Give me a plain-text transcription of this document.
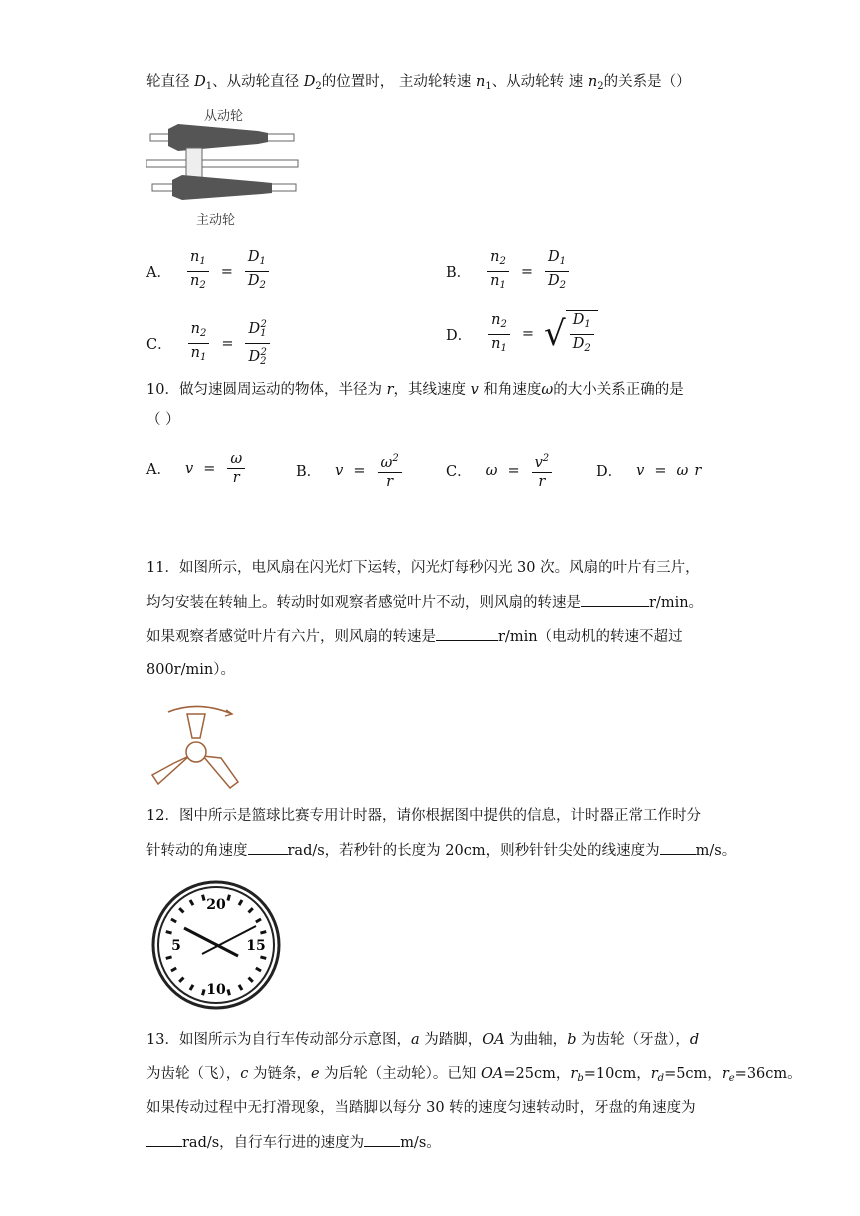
轮直径 $D_1$、从动轮直径 $D_2$的位置时， 主动轮转速 $n_1$、从动轮转 速 $n_2$的关系是（）
从动轮
主动轮
A． $\frac{n_1}{n_2} = \frac{D_1}{D_2}$	B． $\frac{n_2}{n_1} = \frac{D_1}{D_2}$
C． $\frac{n_2}{n_1} = \frac{D_1^2}{D_2^2}$	D． $\frac{n_2}{n_1}$ = √ $\frac{D_1}{D_2}$
10．做匀速圆周运动的物体，半径为 r，其线速度 v 和角速度ω的大小关系正确的是
（ ）
A． $v = \frac{\omega}{r}$	B． $v = \frac{\omega^2}{r}$	C． $\omega = \frac{v^2}{r}$	D． v = ω r
11．如图所示，电风扇在闪光灯下运转，闪光灯每秒闪光 30 次。风扇的叶片有三片，
均匀安装在转轴上。转动时如观察者感觉叶片不动，则风扇的转速是	r/min。
如果观察者感觉叶片有六片，则风扇的转速是	r/min（电动机的转速不超过
800r/min）。
12．图中所示是篮球比赛专用计时器，请你根据图中提供的信息，计时器正常工作时分
针转动的角速度	rad/s，若秒针的长度为 20cm，则秒针针尖处的线速度为 m/s。
20
15
10
5
13．如图所示为自行车传动部分示意图，a 为踏脚，OA 为曲轴，b 为齿轮（牙盘），d
为齿轮（飞），c 为链条，e 为后轮（主动轮）。已知 OA=25cm，$r_b=10cm$，$r_d=5cm$，$r_e=36cm$。
如果传动过程中无打滑现象，当踏脚以每分 30 转的速度匀速转动时，牙盘的角速度为
rad/s，自行车行进的速度为 m/s。
